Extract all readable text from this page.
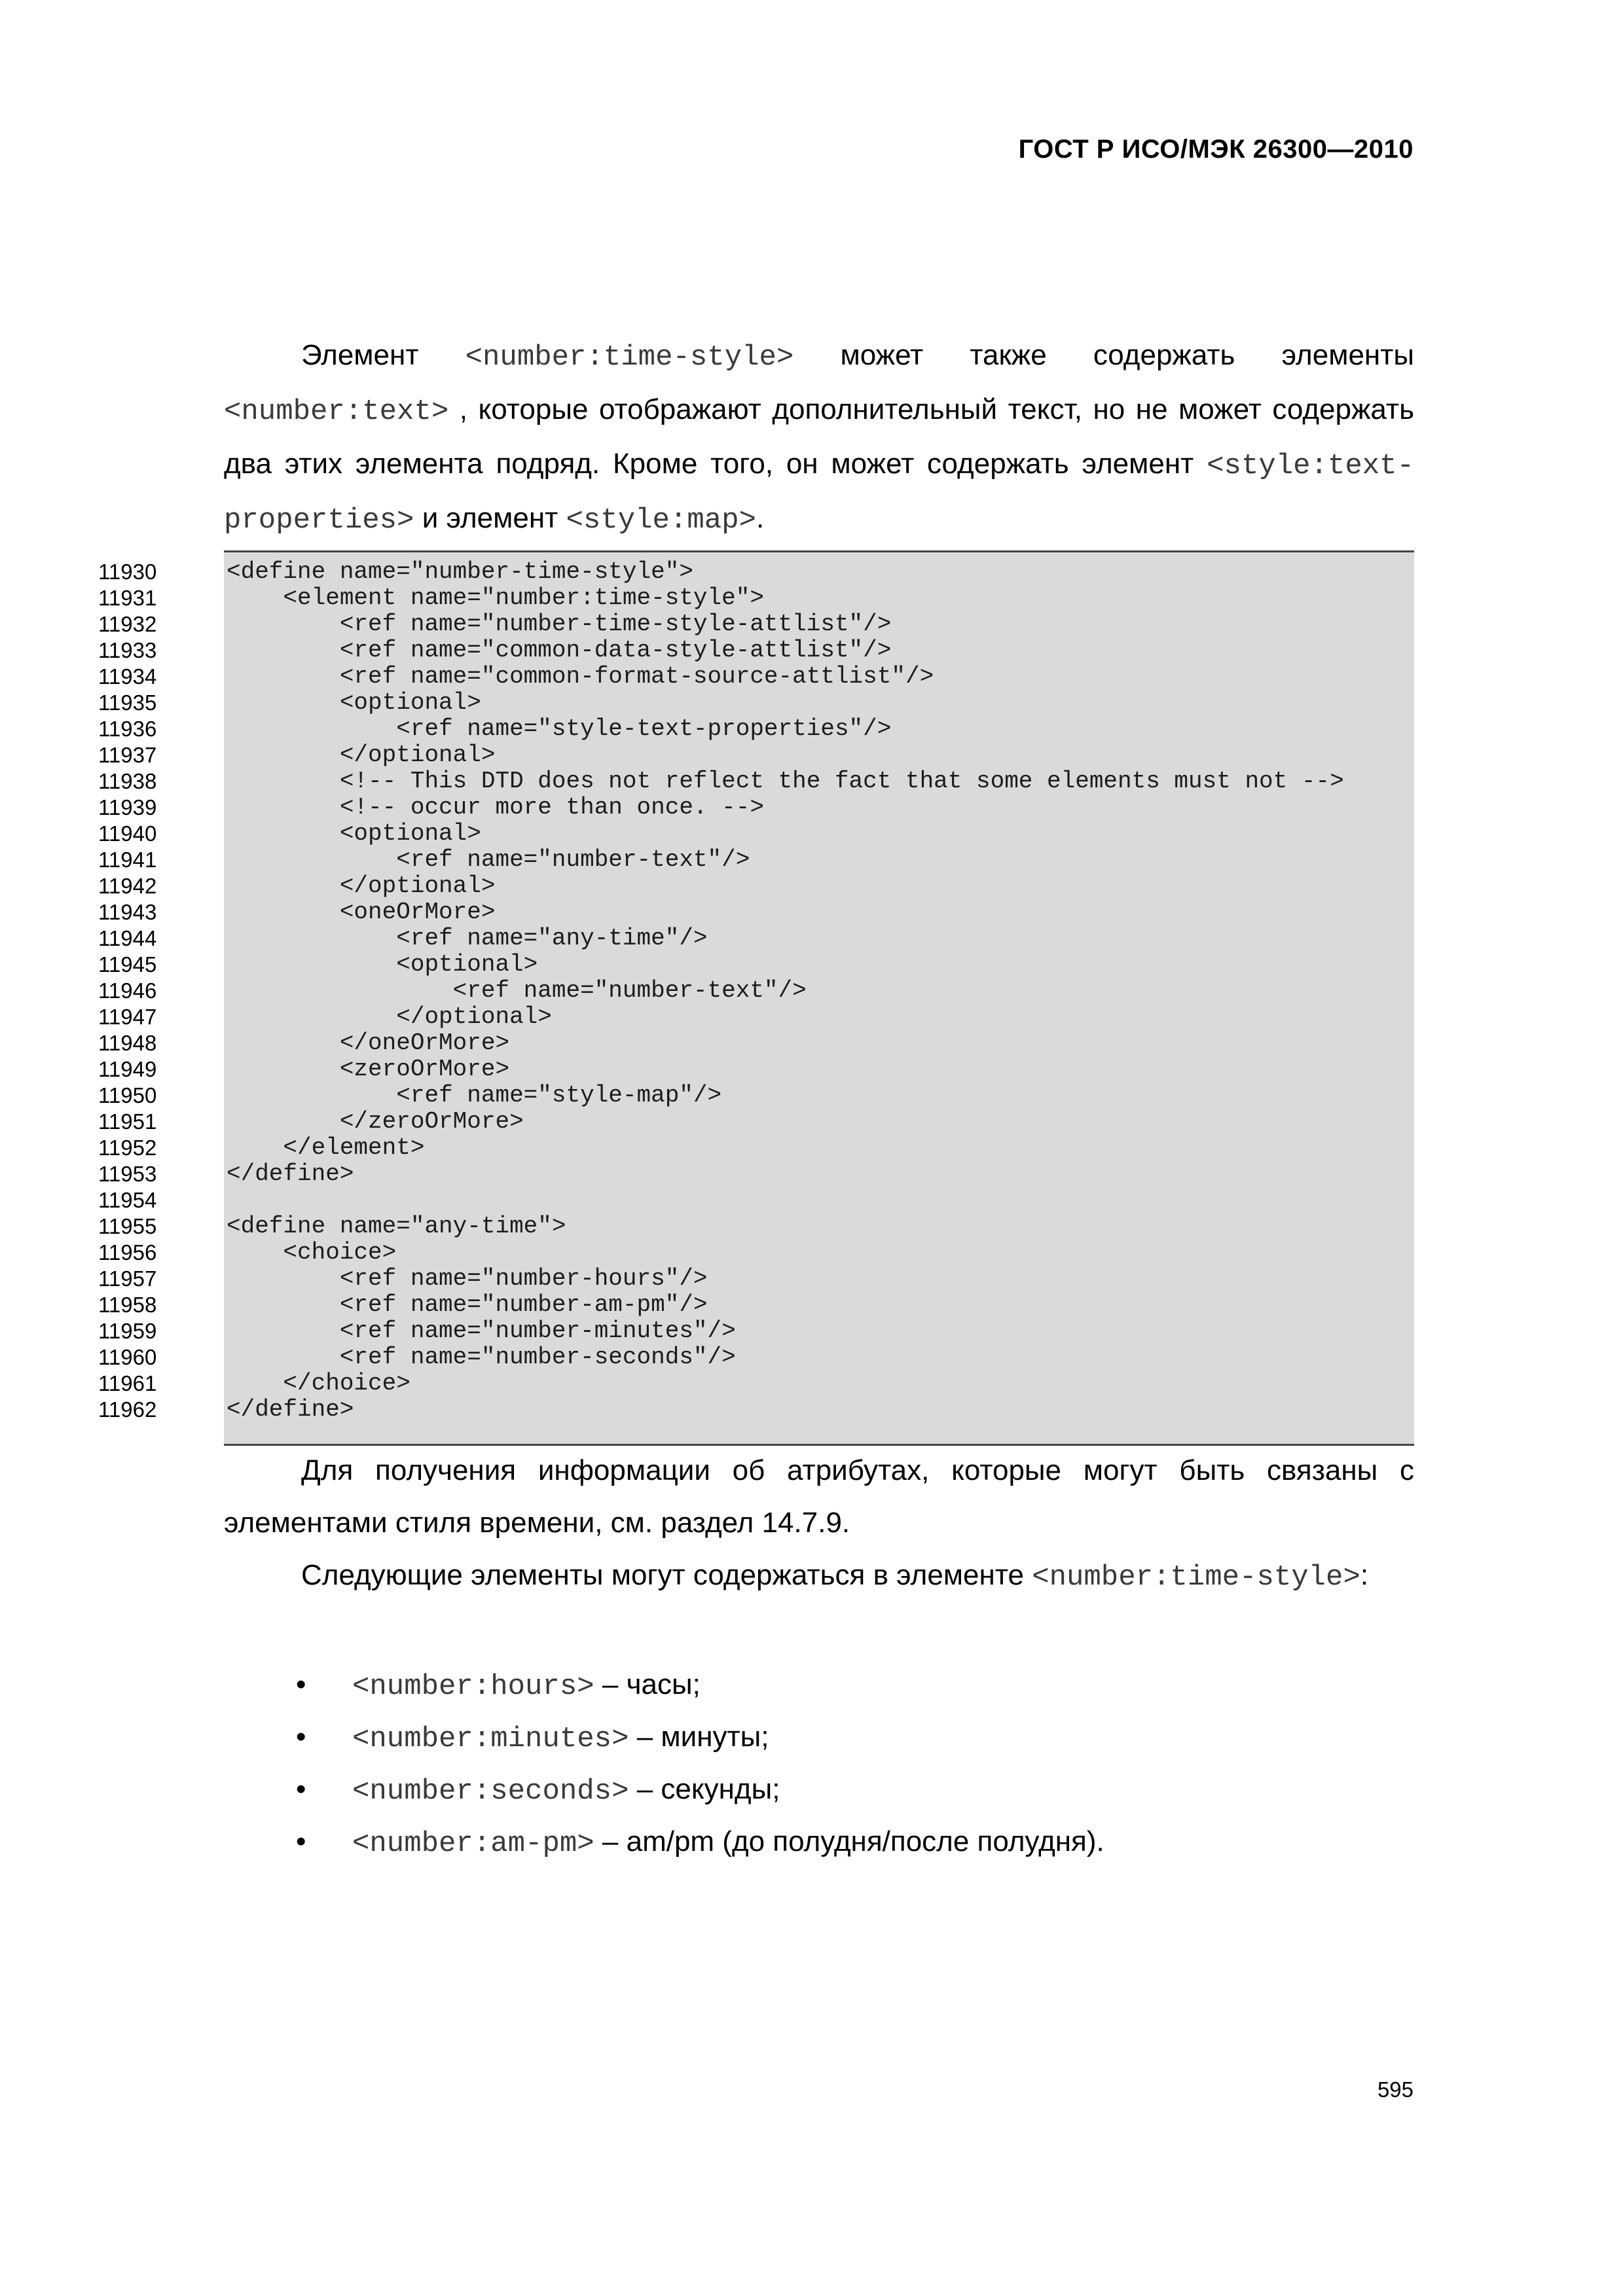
ГОСТ Р ИСО/МЭК 26300—2010

Элемент <number:time-style> может также содержать элементы <number:text> , которые отображают дополнительный текст, но не может содержать два этих элемента подряд. Кроме того, он может содержать элемент <style:text-properties> и элемент <style:map>.

11930	<define name="number-time-style">
11931	<element name="number:time-style">
11932	<ref name="number-time-style-attlist"/>
11933	<ref name="common-data-style-attlist"/>
11934	<ref name="common-format-source-attlist"/>
11935	<optional>
11936	<ref name="style-text-properties"/>
11937	</optional>
11938	<!-- This DTD does not reflect the fact that some elements must not -->
11939	<!-- occur more than once. -->
11940	<optional>
11941	<ref name="number-text"/>
11942	</optional>
11943	<oneOrMore>
11944	<ref name="any-time"/>
11945	<optional>
11946	<ref name="number-text"/>
11947	</optional>
11948	</oneOrMore>
11949	<zeroOrMore>
11950	<ref name="style-map"/>
11951	</zeroOrMore>
11952	</element>
11953	</define>
11954
11955	<define name="any-time">
11956	<choice>
11957	<ref name="number-hours"/>
11958	<ref name="number-am-pm"/>
11959	<ref name="number-minutes"/>
11960	<ref name="number-seconds"/>
11961	</choice>
11962	</define>

Для получения информации об атрибутах, которые могут быть связаны с элементами стиля времени, см. раздел 14.7.9.

Следующие элементы могут содержаться в элементе <number:time-style>:

• <number:hours> – часы;
• <number:minutes> – минуты;
• <number:seconds> – секунды;
• <number:am-pm> – am/pm (до полудня/после полудня).
595
